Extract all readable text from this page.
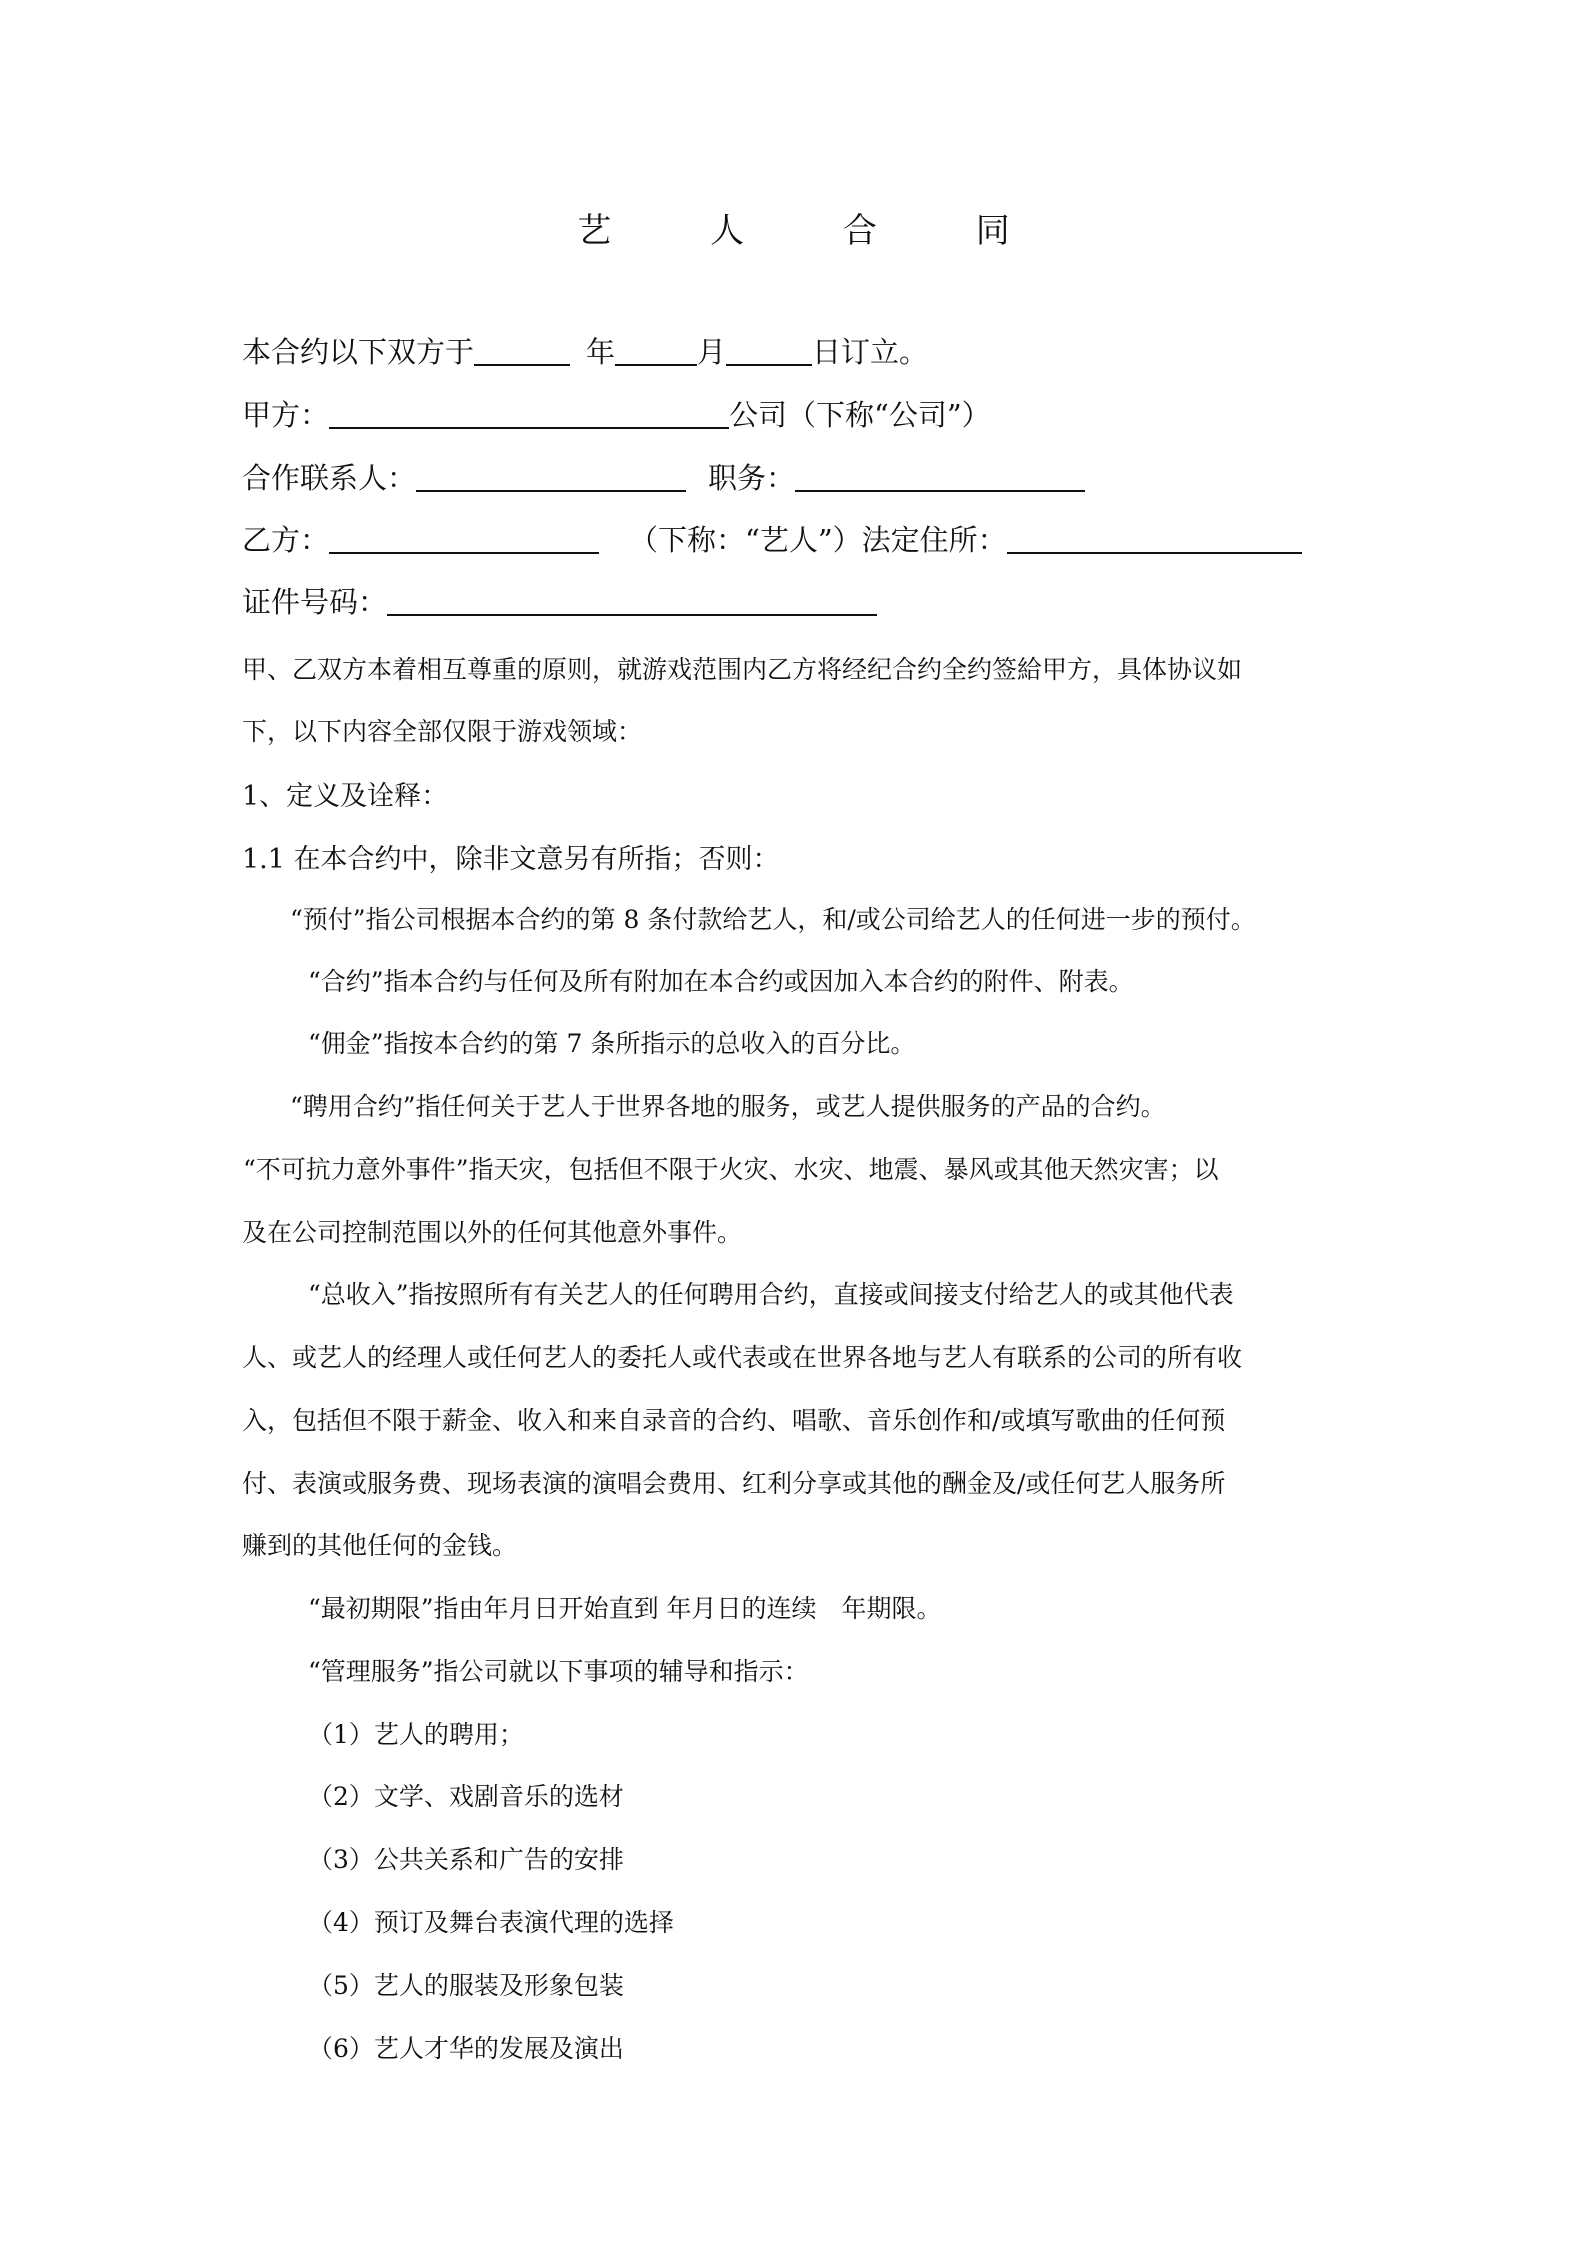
艺 人 合 同
本合约以下双方于	年	月	日订立。
甲方：	公司（下称“公司”）
合作联系人：	职务：
乙方：	（下称：“艺人”）法定住所：
证件号码：
甲、乙双方本着相互尊重的原则，就游戏范围内乙方将经纪合约全约签給甲方，具体协议如
下，以下内容全部仅限于游戏领域：
1、定义及诠释：
1.1 在本合约中，除非文意另有所指；否则：
“预付”指公司根据本合约的第 8 条付款给艺人，和/或公司给艺人的任何进一步的预付。
“合约”指本合约与任何及所有附加在本合约或因加入本合约的附件、附表。
“佣金”指按本合约的第 7 条所指示的总收入的百分比。
“聘用合约”指任何关于艺人于世界各地的服务，或艺人提供服务的产品的合约。
“不可抗力意外事件”指天灾，包括但不限于火灾、水灾、地震、暴风或其他天然灾害；以
及在公司控制范围以外的任何其他意外事件。
“总收入”指按照所有有关艺人的任何聘用合约，直接或间接支付给艺人的或其他代表
人、或艺人的经理人或任何艺人的委托人或代表或在世界各地与艺人有联系的公司的所有收
入，包括但不限于薪金、收入和来自录音的合约、唱歌、音乐创作和/或填写歌曲的任何预
付、表演或服务费、现场表演的演唱会费用、红利分享或其他的酬金及/或任何艺人服务所
赚到的其他任何的金钱。
“最初期限”指由年月日开始直到 年月日的连续　年期限。
“管理服务”指公司就以下事项的辅导和指示：
（1）艺人的聘用；
（2）文学、戏剧音乐的选材
（3）公共关系和广告的安排
（4）预订及舞台表演代理的选择
（5）艺人的服装及形象包装
（6）艺人才华的发展及演出
